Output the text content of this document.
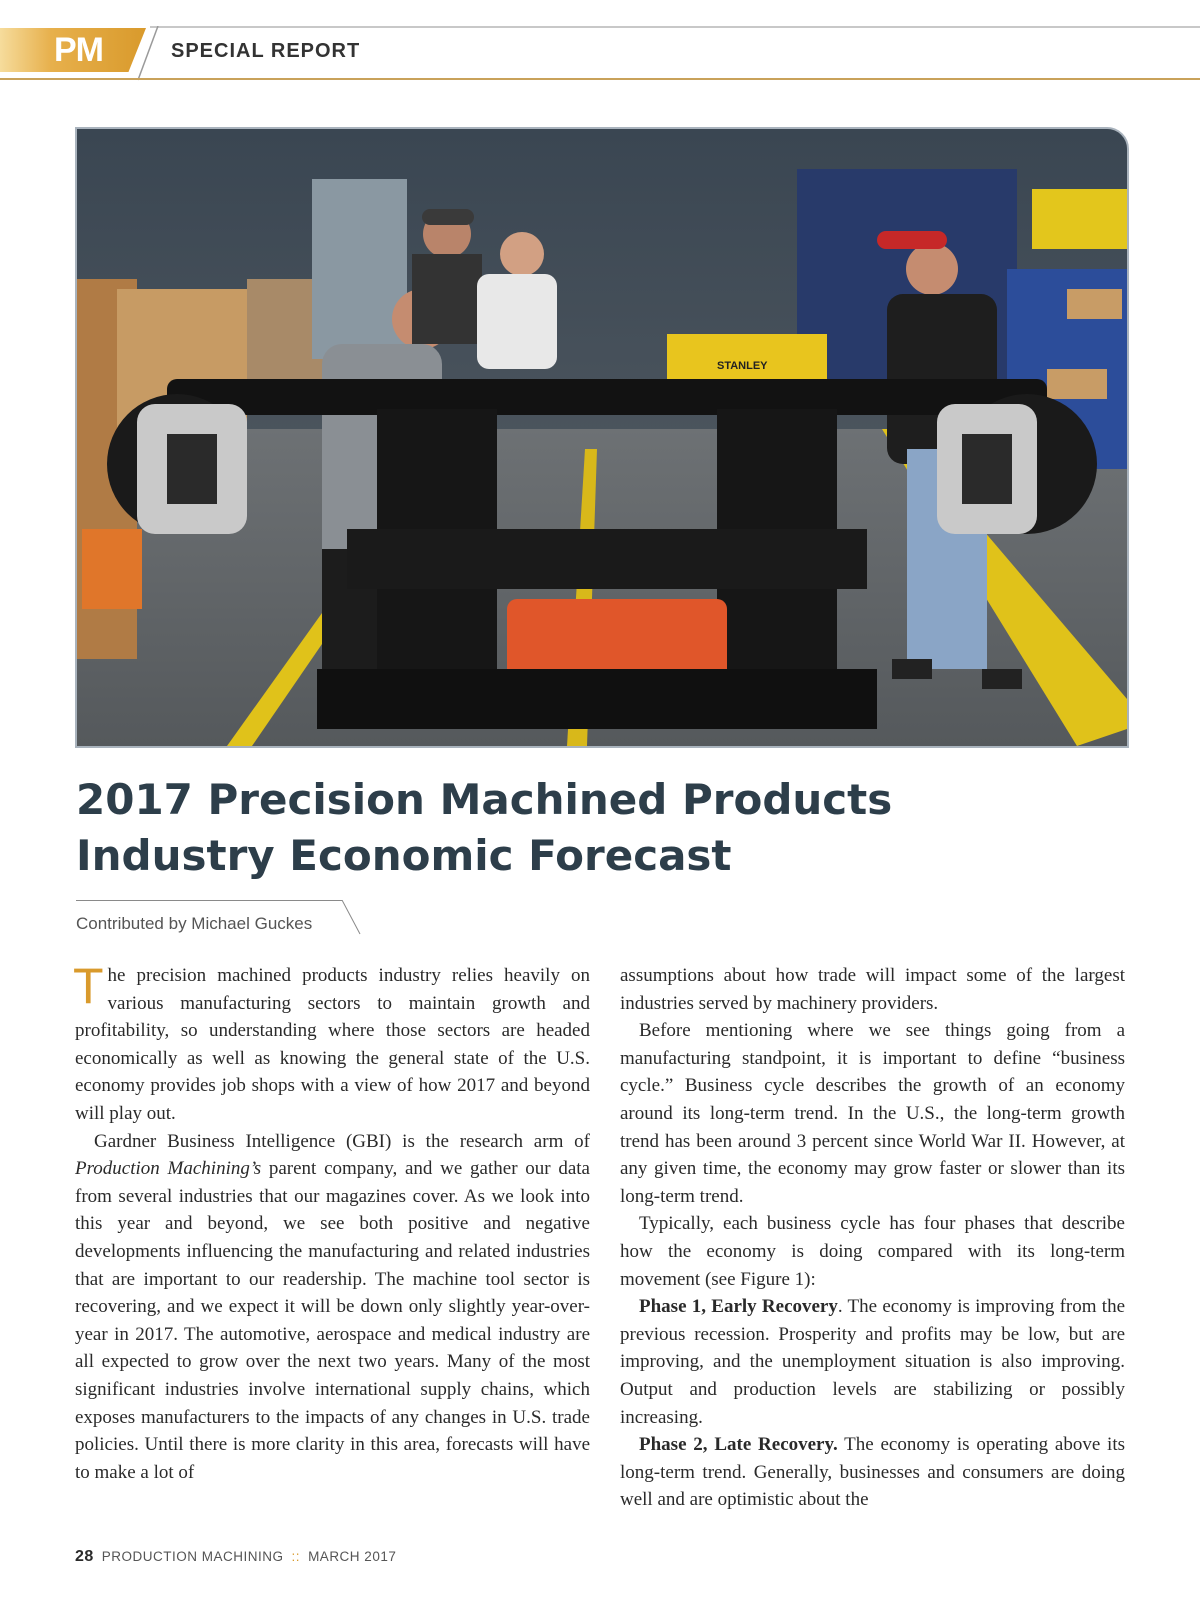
PM	SPECIAL REPORT
STANLEY
2017 Precision Machined Products
Industry Economic Forecast
Contributed by Michael Guckes

The precision machined products industry relies heavily on various manufacturing sectors to maintain growth and profitability, so understanding where those sectors are headed economically as well as knowing the general state of the U.S. economy provides job shops with a view of how 2017 and beyond will play out.

Gardner Business Intelligence (GBI) is the research arm of Production Machining’s parent company, and we gather our data from several industries that our magazines cover. As we look into this year and beyond, we see both positive and negative developments influencing the manufacturing and related industries that are important to our readership. The machine tool sector is recovering, and we expect it will be down only slightly year-over-year in 2017. The automotive, aerospace and medical industry are all expected to grow over the next two years. Many of the most significant industries involve international supply chains, which exposes manufacturers to the impacts of any changes in U.S. trade policies. Until there is more clarity in this area, forecasts will have to make a lot of

assumptions about how trade will impact some of the largest industries served by machinery providers.

Before mentioning where we see things going from a manufacturing standpoint, it is important to define “business cycle.” Business cycle describes the growth of an economy around its long-term trend. In the U.S., the long-term growth trend has been around 3 percent since World War II. However, at any given time, the economy may grow faster or slower than its long-term trend.

Typically, each business cycle has four phases that describe how the economy is doing compared with its long-term movement (see Figure 1):

Phase 1, Early Recovery. The economy is improving from the previous recession. Prosperity and profits may be low, but are improving, and the unemployment situation is also improving. Output and production levels are stabilizing or possibly increasing.

Phase 2, Late Recovery. The economy is operating above its long-term trend. Generally, businesses and consumers are doing well and are optimistic about the

28 PRODUCTION MACHINING :: MARCH 2017
